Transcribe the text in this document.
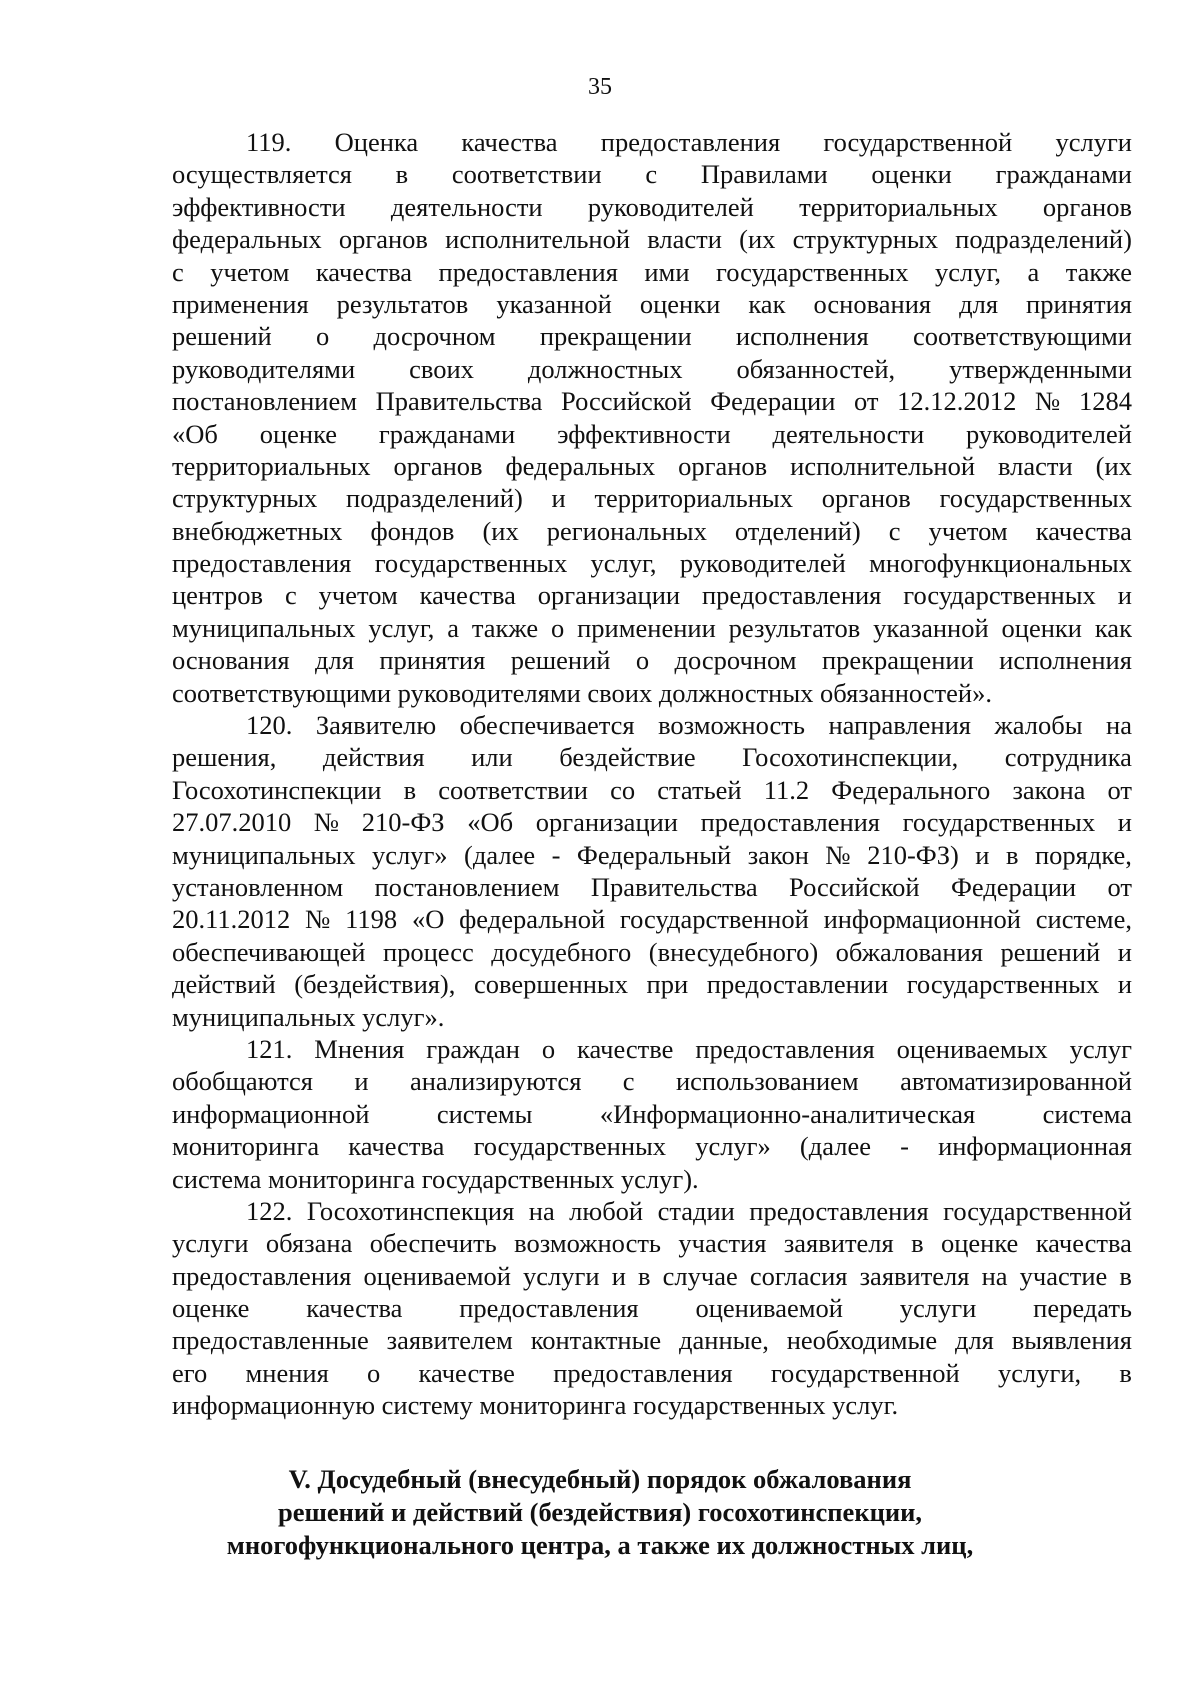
35
119. Оценка качества предоставления государственной услуги
осуществляется в соответствии с Правилами оценки гражданами
эффективности деятельности руководителей территориальных органов
федеральных органов исполнительной власти (их структурных подразделений)
с учетом качества предоставления ими государственных услуг, а также
применения результатов указанной оценки как основания для принятия
решений о досрочном прекращении исполнения соответствующими
руководителями своих должностных обязанностей, утвержденными
постановлением Правительства Российской Федерации от 12.12.2012 № 1284
«Об оценке гражданами эффективности деятельности руководителей
территориальных органов федеральных органов исполнительной власти (их
структурных подразделений) и территориальных органов государственных
внебюджетных фондов (их региональных отделений) с учетом качества
предоставления государственных услуг, руководителей многофункциональных
центров с учетом качества организации предоставления государственных и
муниципальных услуг, а также о применении результатов указанной оценки как
основания для принятия решений о досрочном прекращении исполнения
соответствующими руководителями своих должностных обязанностей».
120. Заявителю обеспечивается возможность направления жалобы на
решения, действия или бездействие Госохотинспекции, сотрудника
Госохотинспекции в соответствии со статьей 11.2 Федерального закона от
27.07.2010 № 210-ФЗ «Об организации предоставления государственных и
муниципальных услуг» (далее - Федеральный закон № 210-ФЗ) и в порядке,
установленном постановлением Правительства Российской Федерации от
20.11.2012 № 1198 «О федеральной государственной информационной системе,
обеспечивающей процесс досудебного (внесудебного) обжалования решений и
действий (бездействия), совершенных при предоставлении государственных и
муниципальных услуг».
121. Мнения граждан о качестве предоставления оцениваемых услуг
обобщаются и анализируются с использованием автоматизированной
информационной	системы	«Информационно-аналитическая	система
мониторинга качества государственных услуг» (далее - информационная
система мониторинга государственных услуг).
122. Госохотинспекция на любой стадии предоставления государственной
услуги обязана обеспечить возможность участия заявителя в оценке качества
предоставления оцениваемой услуги и в случае согласия заявителя на участие в
оценке качества предоставления оцениваемой услуги передать
предоставленные заявителем контактные данные, необходимые для выявления
его мнения о качестве предоставления государственной услуги, в
информационную систему мониторинга государственных услуг.
V. Досудебный (внесудебный) порядок обжалования
решений и действий (бездействия) госохотинспекции,
многофункционального центра, а также их должностных лиц,
